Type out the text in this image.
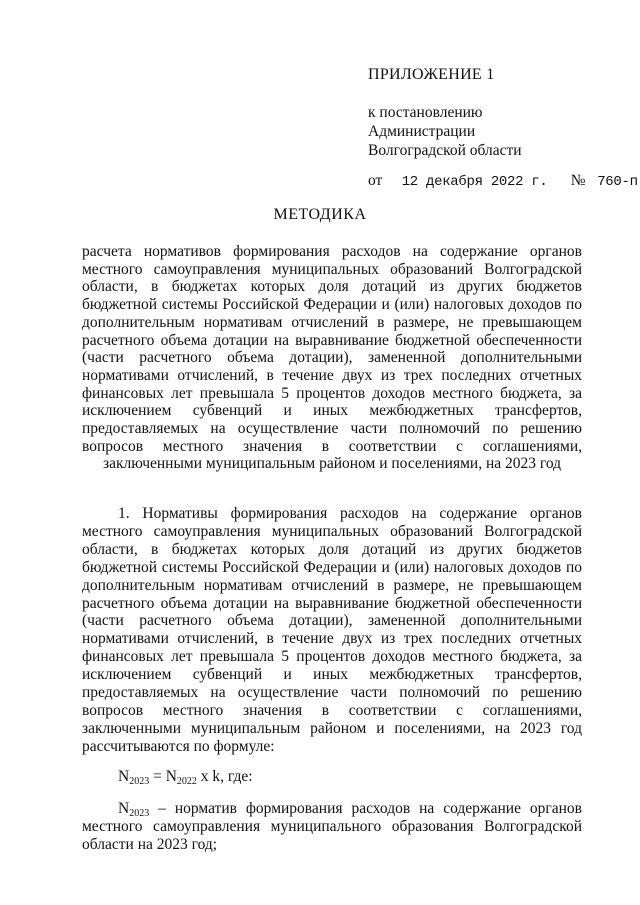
ПРИЛОЖЕНИЕ 1
к постановлению
Администрации
Волгоградской области
от 12 декабря 2022 г. № 760-п
МЕТОДИКА
расчета нормативов формирования расходов на содержание органов местного самоуправления муниципальных образований Волгоградской области, в бюджетах которых доля дотаций из других бюджетов бюджетной системы Российской Федерации и (или) налоговых доходов по дополнительным нормативам отчислений в размере, не превышающем расчетного объема дотации на выравнивание бюджетной обеспеченности (части расчетного объема дотации), замененной дополнительными нормативами отчислений, в течение двух из трех последних отчетных финансовых лет превышала 5 процентов доходов местного бюджета, за исключением субвенций и иных межбюджетных трансфертов, предоставляемых на осуществление части полномочий по решению вопросов местного значения в соответствии с соглашениями, заключенными муниципальным районом и поселениями, на 2023 год
1. Нормативы формирования расходов на содержание органов местного самоуправления муниципальных образований Волгоградской области, в бюджетах которых доля дотаций из других бюджетов бюджетной системы Российской Федерации и (или) налоговых доходов по дополнительным нормативам отчислений в размере, не превышающем расчетного объема дотации на выравнивание бюджетной обеспеченности (части расчетного объема дотации), замененной дополнительными нормативами отчислений, в течение двух из трех последних отчетных финансовых лет превышала 5 процентов доходов местного бюджета, за исключением субвенций и иных межбюджетных трансфертов, предоставляемых на осуществление части полномочий по решению вопросов местного значения в соответствии с соглашениями, заключенными муниципальным районом и поселениями, на 2023 год рассчитываются по формуле:
$N_{2023} = N_{2022}$ x k, где:
$N_{2023}$ – норматив формирования расходов на содержание органов местного самоуправления муниципального образования Волгоградской области на 2023 год;
